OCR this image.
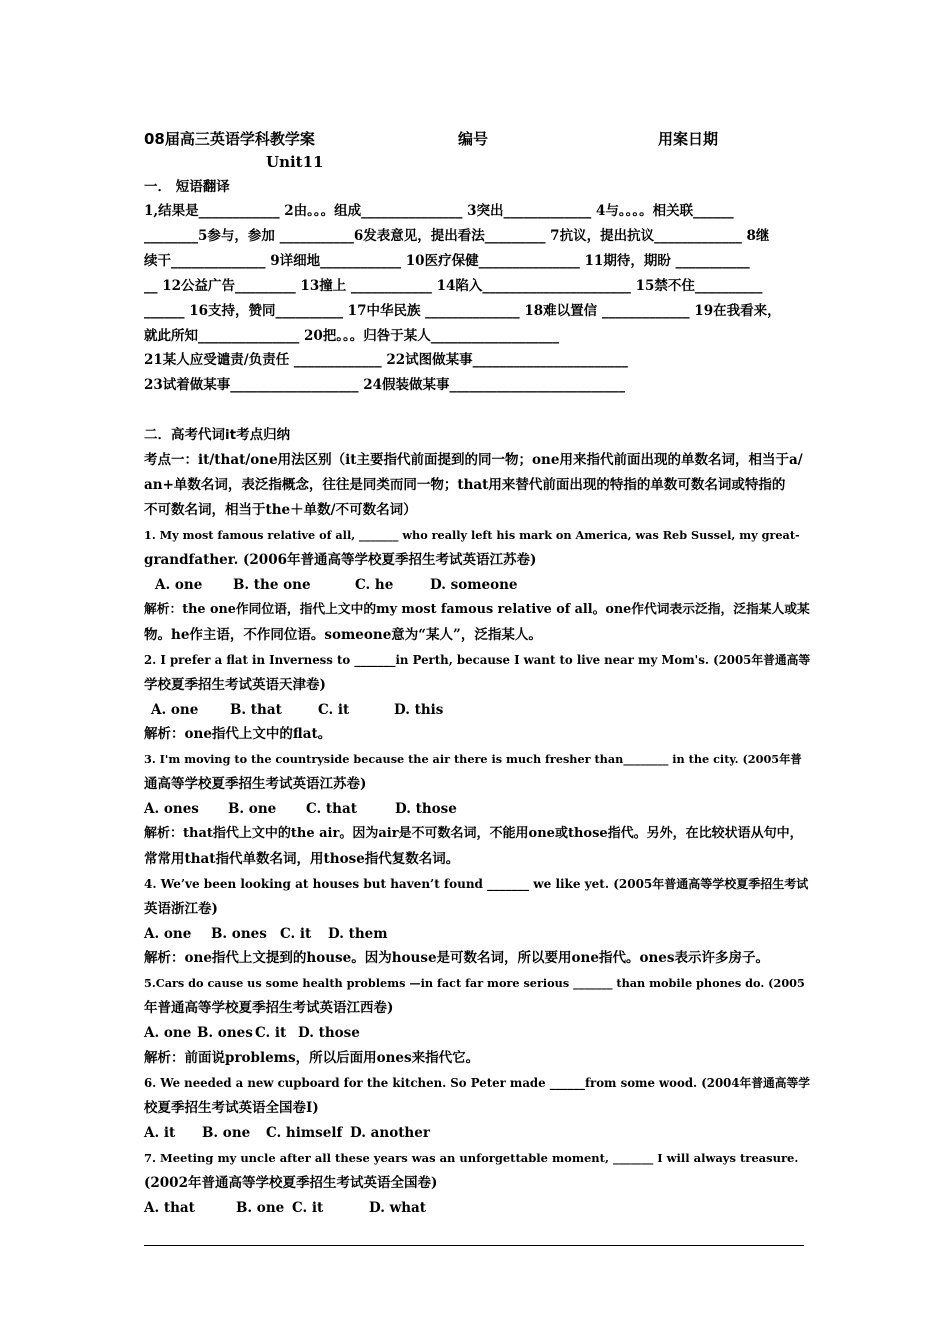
08届高三英语学科教学案	编号	用案日期
Unit11
一． 短语翻译
1,结果是____________ 2由。。。组成_______________ 3突出_____________ 4与。。。。相关联______
________5参与，参加 ___________6发表意见，提出看法_________ 7抗议，提出抗议_____________ 8继
续干______________ 9详细地____________ 10医疗保健_______________ 11期待，期盼 ___________
__ 12公益广告_________ 13撞上 ____________ 14陷入______________________ 15禁不住__________
______ 16支持，赞同__________ 17中华民族 ______________ 18难以置信 _____________ 19在我看来，
就此所知_______________ 20把。。。归咎于某人___________________
21某人应受谴责/负责任 _____________ 22试图做某事_______________________
23试着做某事___________________ 24假装做某事__________________________
二．高考代词it考点归纳
考点一：it/that/one用法区别（it主要指代前面提到的同一物；one用来指代前面出现的单数名词，相当于a/
an+单数名词，表泛指概念，往往是同类而同一物；that用来替代前面出现的特指的单数可数名词或特指的
不可数名词，相当于the＋单数/不可数名词）
1. My most famous relative of all, _______ who really left his mark on America, was Reb Sussel, my great-
grandfather. (2006年普通高等学校夏季招生考试英语江苏卷)
A. one B. the one	C. he	D. someone
解析：the one作同位语，指代上文中的my most famous relative of all。one作代词表示泛指，泛指某人或某
物。he作主语，不作同位语。someone意为“某人”，泛指某人。
2. I prefer a flat in Inverness to _______in Perth, because I want to live near my Mom's. (2005年普通高等
学校夏季招生考试英语天津卷)
A. one B. that	C. it	D. this
解析：one指代上文中的flat。
3. I'm moving to the countryside because the air there is much fresher than________ in the city. (2005年普
通高等学校夏季招生考试英语江苏卷)
A. ones B. one C. that	D. those
解析：that指代上文中的the air。因为air是不可数名词，不能用one或those指代。另外，在比较状语从句中，
常常用that指代单数名词，用those指代复数名词。
4. We’ve been looking at houses but haven’t found _______ we like yet. (2005年普通高等学校夏季招生考试
英语浙江卷)
A. one B. ones C. it D. them
解析：one指代上文提到的house。因为house是可数名词，所以要用one指代。ones表示许多房子。
5.Cars do cause us some health problems —in fact far more serious _______ than mobile phones do. (2005
年普通高等学校夏季招生考试英语江西卷)
A. one B. ones C. it D. those
解析：前面说problems，所以后面用ones来指代它。
6. We needed a new cupboard for the kitchen. So Peter made ______from some wood. (2004年普通高等学
校夏季招生考试英语全国卷Ⅰ)
A. it B. one C. himself D. another
7. Meeting my uncle after all these years was an unforgettable moment, _______ I will always treasure.
(2002年普通高等学校夏季招生考试英语全国卷)
A. that	B. one C. it	D. what
